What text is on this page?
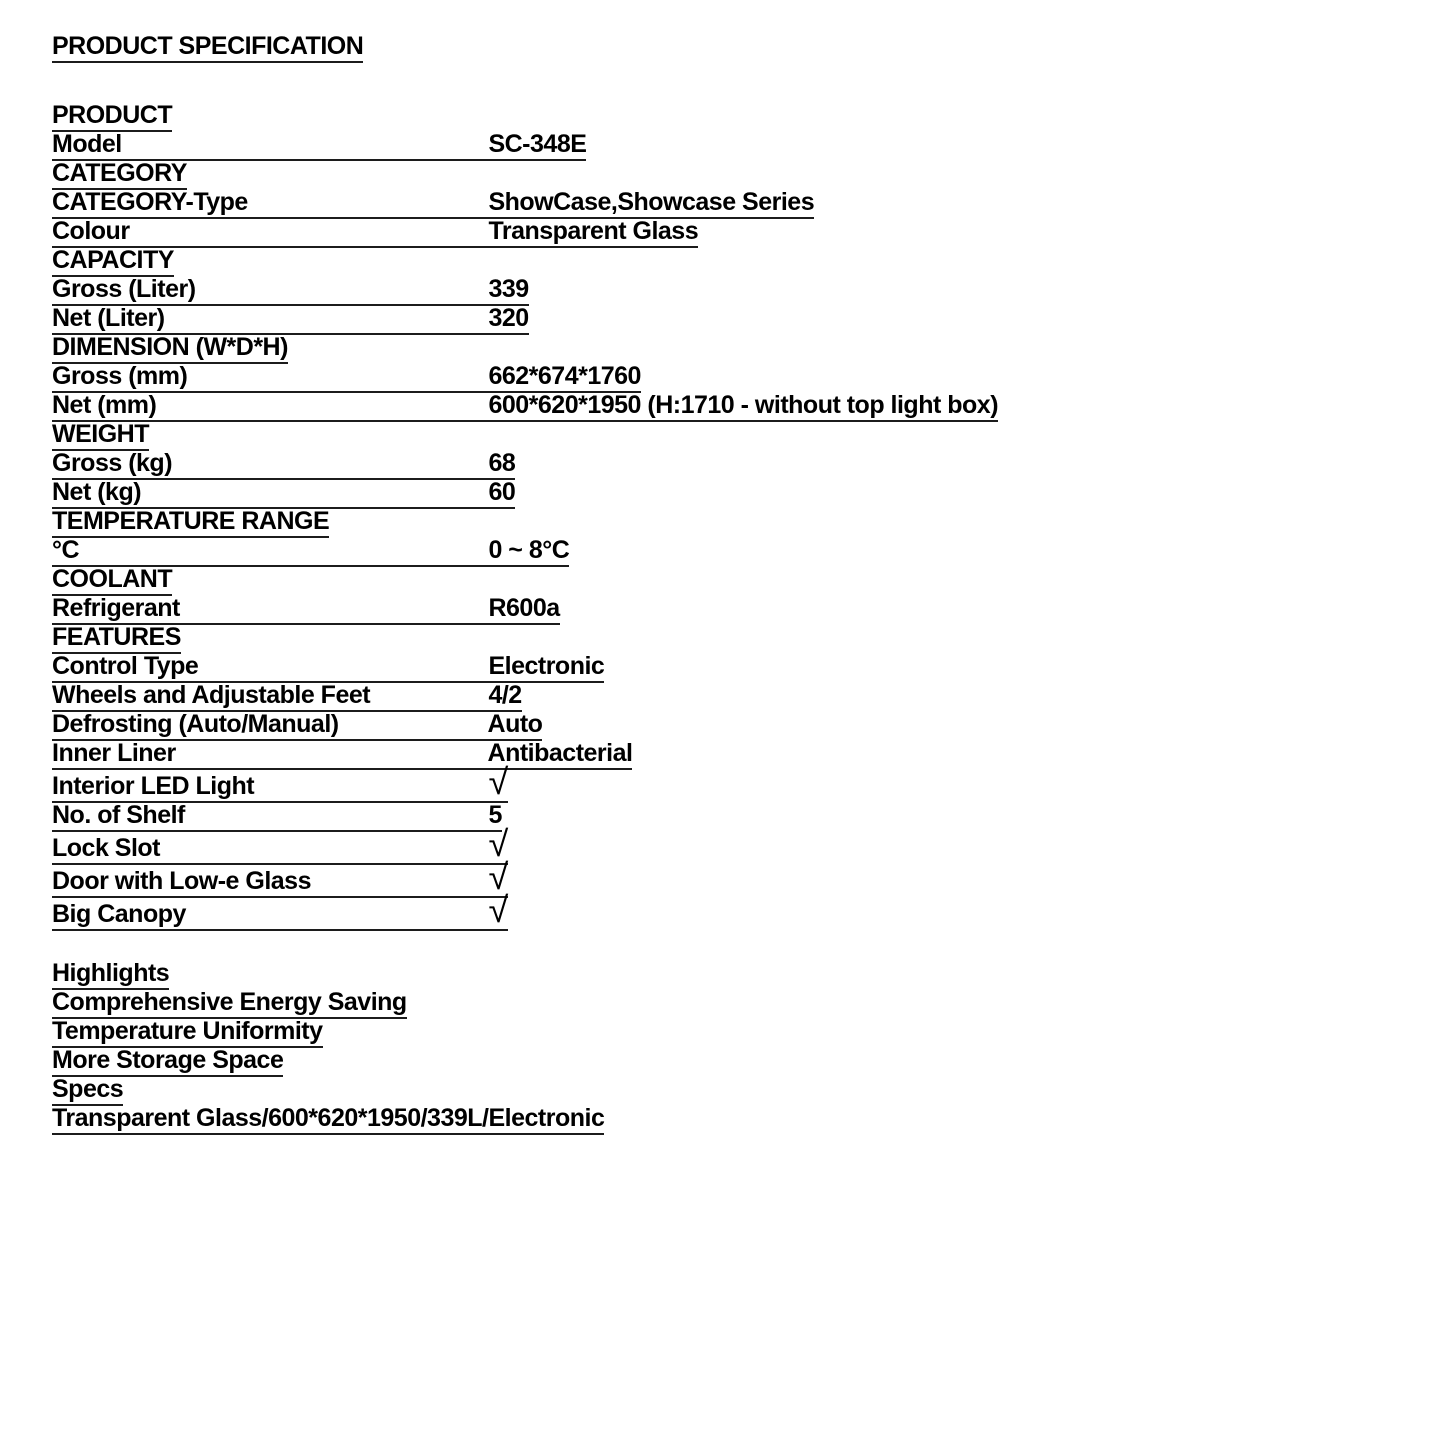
PRODUCT SPECIFICATION
PRODUCT
Model	SC-348E
CATEGORY
CATEGORY-Type	ShowCase,Showcase Series
Colour	Transparent Glass
CAPACITY
Gross (Liter)	339
Net (Liter)	320
DIMENSION (W*D*H)
Gross (mm)	662*674*1760
Net (mm)	600*620*1950 (H:1710 - without top light box)
WEIGHT
Gross (kg)	68
Net (kg)	60
TEMPERATURE RANGE
°C	0 ~ 8°C
COOLANT
Refrigerant	R600a
FEATURES
Control Type	Electronic
Wheels and Adjustable Feet	4/2
Defrosting (Auto/Manual)	Auto
Inner Liner	Antibacterial
Interior LED Light	√
No. of Shelf	5
Lock Slot	√
Door with Low-e Glass	√
Big Canopy	√
Highlights
Comprehensive Energy Saving
Temperature Uniformity
More Storage Space
Specs
Transparent Glass/600*620*1950/339L/Electronic
